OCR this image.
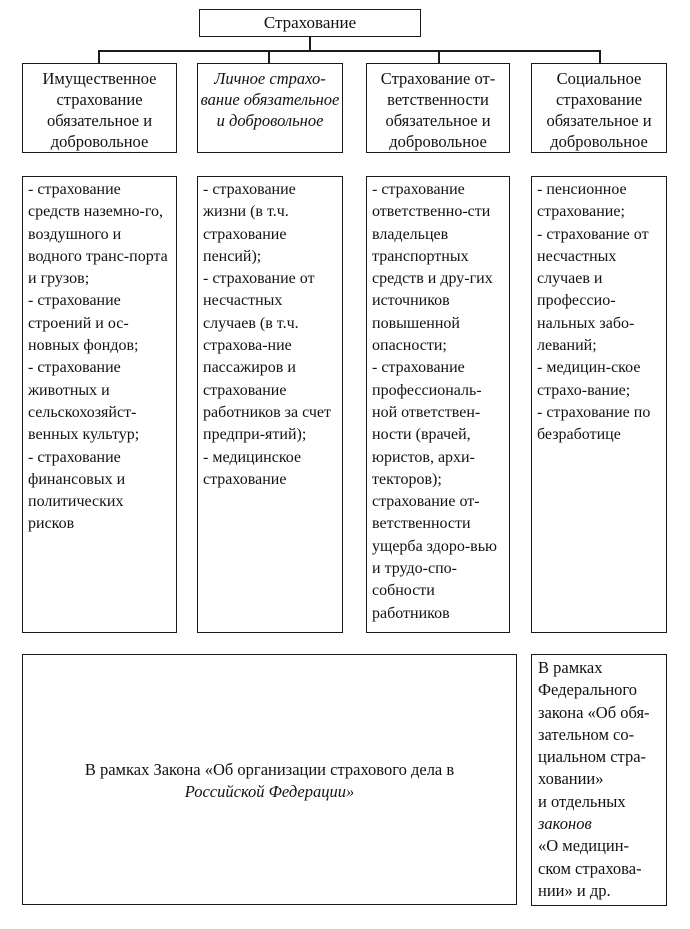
Страхование
Имущественное страхование обязательное и добровольное
Личное страхо-вание обязательное и добровольное
Страхование от-ветственности обязательное и добровольное
Социальное страхование обязательное и добровольное
- страхование средств наземно-го, воздушного и водного транс-порта и грузов;
- страхование строений и ос-новных фондов;
- страхование животных и сельскохозяйст-венных культур;
- страхование финансовых и политических рисков
- страхование жизни (в т.ч. страхование пенсий);
- страхование от несчастных случаев (в т.ч. страхова-ние пассажиров и страхование работников за счет предпри-ятий);
- медицинское страхование
- страхование ответственно-сти владельцев транспортных средств и дру-гих источников повышенной опасности;
- страхование профессиональ-ной ответствен-ности (врачей, юристов, архи-текторов);
страхование от-ветственности ущерба здоро-вью и трудо-спо-собности работников
- пенсионное страхование;
- страхование от несчастных случаев и профессио-нальных забо-леваний;
- медицин-ское страхо-вание;
- страхование по безработице
В рамках Закона «Об организации страхового дела в
Российской Федерации»
В рамках
Федерального
закона «Об обя-
зательном со-
циальном стра-
ховании»
и отдельных
законов
«О медицин-
ском страхова-
нии» и др.
